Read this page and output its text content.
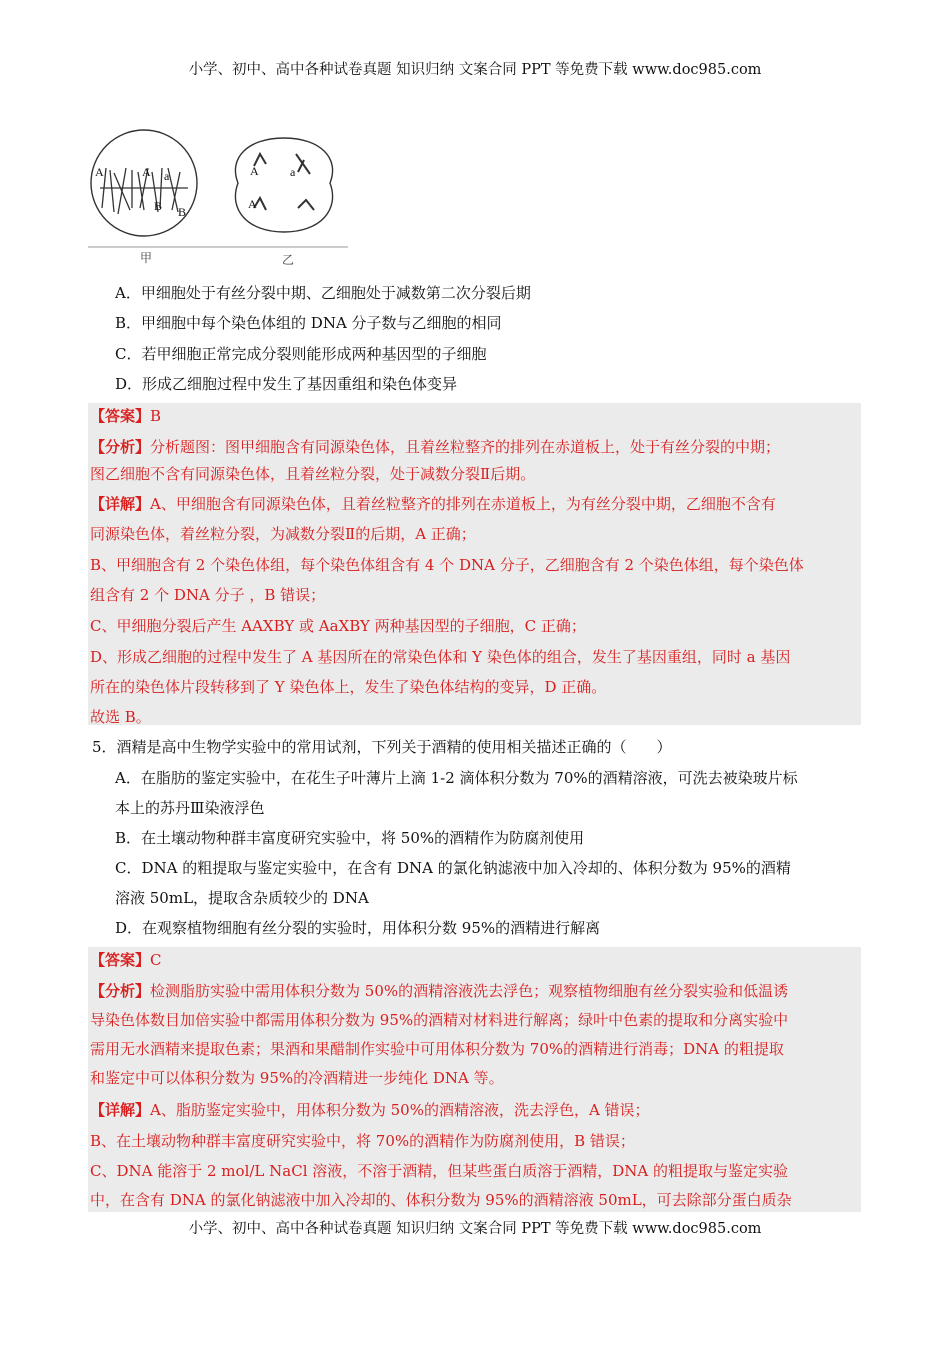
小学、初中、高中各种试卷真题 知识归纳 文案合同 PPT 等免费下载 www.doc985.com
A	A a
B B
A	a
A
甲	乙
A．甲细胞处于有丝分裂中期、乙细胞处于减数第二次分裂后期
B．甲细胞中每个染色体组的 DNA 分子数与乙细胞的相同
C．若甲细胞正常完成分裂则能形成两种基因型的子细胞
D．形成乙细胞过程中发生了基因重组和染色体变异
【答案】B
【分析】分析题图：图甲细胞含有同源染色体，且着丝粒整齐的排列在赤道板上，处于有丝分裂的中期；
图乙细胞不含有同源染色体，且着丝粒分裂，处于减数分裂Ⅱ后期。
【详解】A、甲细胞含有同源染色体，且着丝粒整齐的排列在赤道板上，为有丝分裂中期，乙细胞不含有
同源染色体，着丝粒分裂，为减数分裂Ⅱ的后期，A 正确；
B、甲细胞含有 2 个染色体组，每个染色体组含有 4 个 DNA 分子，乙细胞含有 2 个染色体组，每个染色体
组含有 2 个 DNA 分子 ，B 错误；
C、甲细胞分裂后产生 AAXBY 或 AaXBY 两种基因型的子细胞，C 正确；
D、形成乙细胞的过程中发生了 A 基因所在的常染色体和 Y 染色体的组合，发生了基因重组，同时 a 基因
所在的染色体片段转移到了 Y 染色体上，发生了染色体结构的变异，D 正确。
故选 B。
5．酒精是高中生物学实验中的常用试剂，下列关于酒精的使用相关描述正确的（　　）
A．在脂肪的鉴定实验中，在花生子叶薄片上滴 1-2 滴体积分数为 70%的酒精溶液，可洗去被染玻片标
本上的苏丹Ⅲ染液浮色
B．在土壤动物种群丰富度研究实验中，将 50%的酒精作为防腐剂使用
C．DNA 的粗提取与鉴定实验中，在含有 DNA 的氯化钠滤液中加入冷却的、体积分数为 95%的酒精
溶液 50mL，提取含杂质较少的 DNA
D．在观察植物细胞有丝分裂的实验时，用体积分数 95%的酒精进行解离
【答案】C
【分析】检测脂肪实验中需用体积分数为 50%的酒精溶液洗去浮色；观察植物细胞有丝分裂实验和低温诱
导染色体数目加倍实验中都需用体积分数为 95%的酒精对材料进行解离；绿叶中色素的提取和分离实验中
需用无水酒精来提取色素；果酒和果醋制作实验中可用体积分数为 70%的酒精进行消毒；DNA 的粗提取
和鉴定中可以体积分数为 95%的冷酒精进一步纯化 DNA 等。
【详解】A、脂肪鉴定实验中，用体积分数为 50%的酒精溶液，洗去浮色，A 错误；
B、在土壤动物种群丰富度研究实验中，将 70%的酒精作为防腐剂使用，B 错误；
C、DNA 能溶于 2 mol/L NaCl 溶液，不溶于酒精，但某些蛋白质溶于酒精，DNA 的粗提取与鉴定实验
中，在含有 DNA 的氯化钠滤液中加入冷却的、体积分数为 95%的酒精溶液 50mL，可去除部分蛋白质杂
小学、初中、高中各种试卷真题 知识归纳 文案合同 PPT 等免费下载 www.doc985.com
